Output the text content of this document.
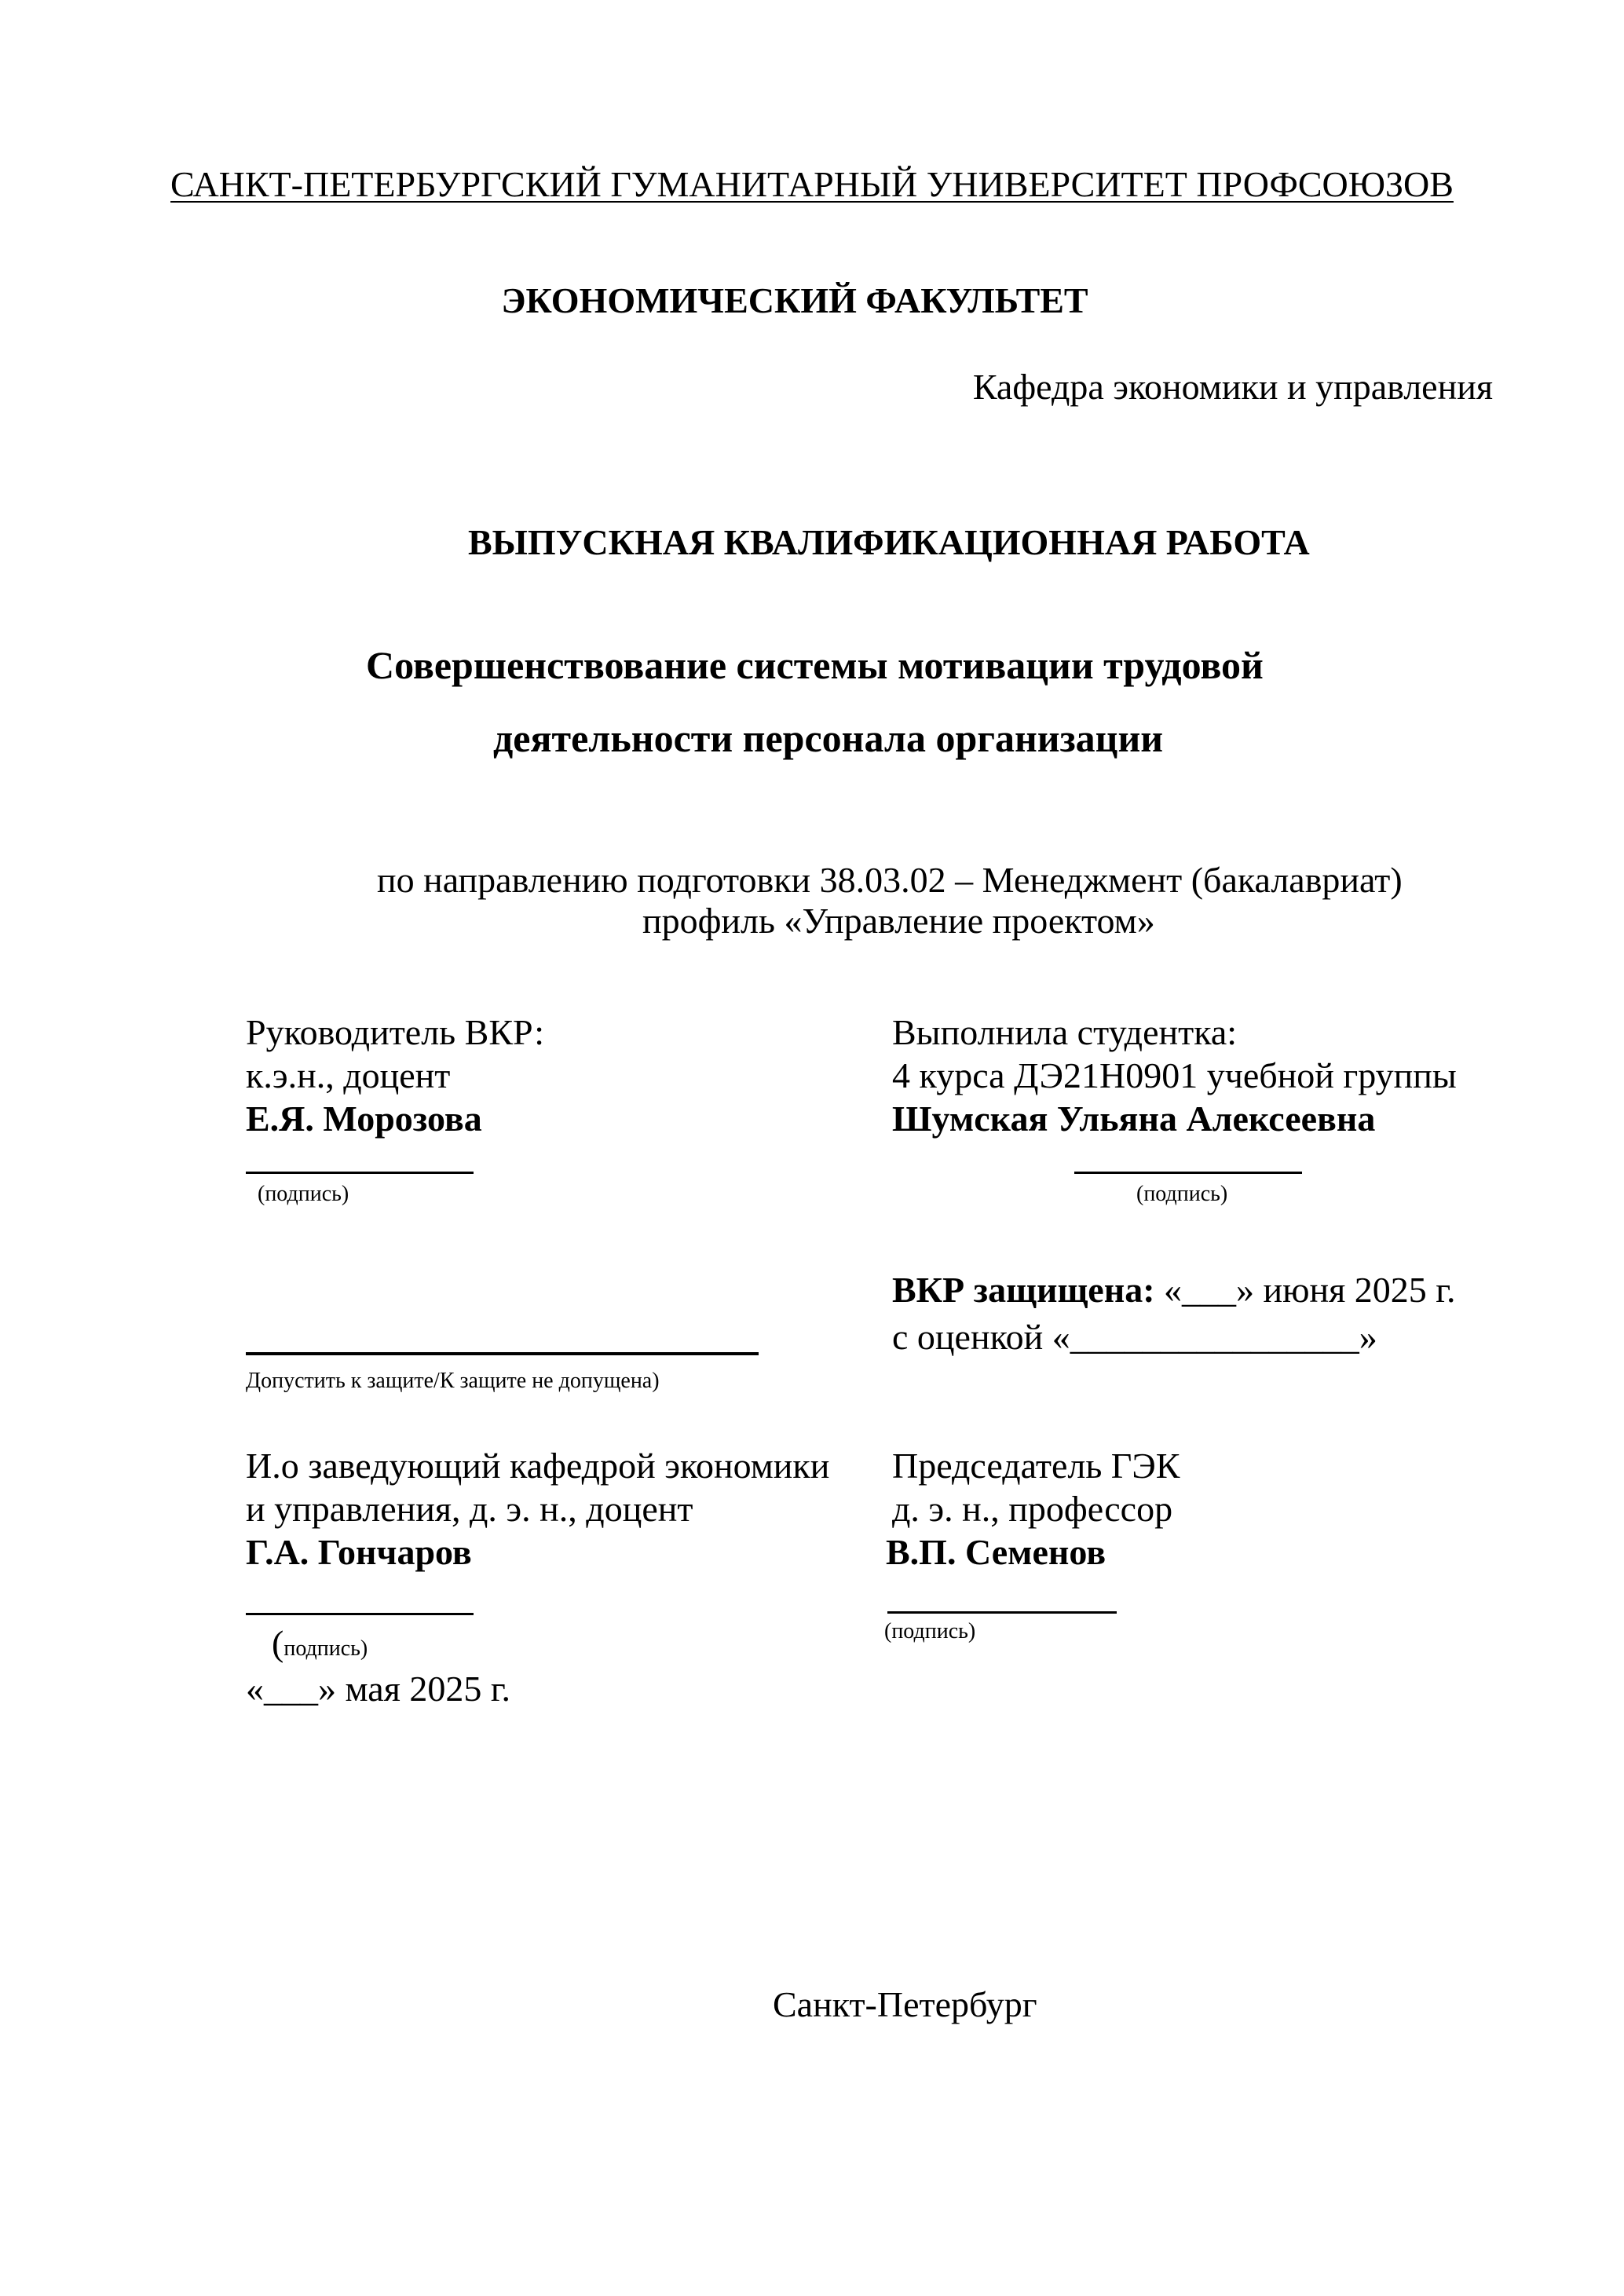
САНКТ-ПЕТЕРБУРГСКИЙ ГУМАНИТАРНЫЙ УНИВЕРСИТЕТ ПРОФСОЮЗОВ
ЭКОНОМИЧЕСКИЙ ФАКУЛЬТЕТ
Кафедра экономики и управления
ВЫПУСКНАЯ КВАЛИФИКАЦИОННАЯ РАБОТА
Совершенствование системы мотивации трудовой
деятельности персонала организации
по направлению подготовки 38.03.02 – Менеджмент (бакалавриат)
профиль «Управление проектом»
Руководитель ВКР:
к.э.н., доцент
Е.Я. Морозова
(подпись)
Выполнила студентка:
4 курса ДЭ21Н0901 учебной группы
Шумская Ульяна Алексеевна
(подпись)
ВКР защищена: «___» июня 2025 г.
с оценкой «________________»
Допустить к защите/К защите не допущена)
И.о заведующий кафедрой экономики
и управления, д. э. н., доцент
Г.А. Гончаров
(подпись)
«___» мая 2025 г.
Председатель ГЭК
д. э. н., профессор
В.П. Семенов
(подпись)
Санкт-Петербург
